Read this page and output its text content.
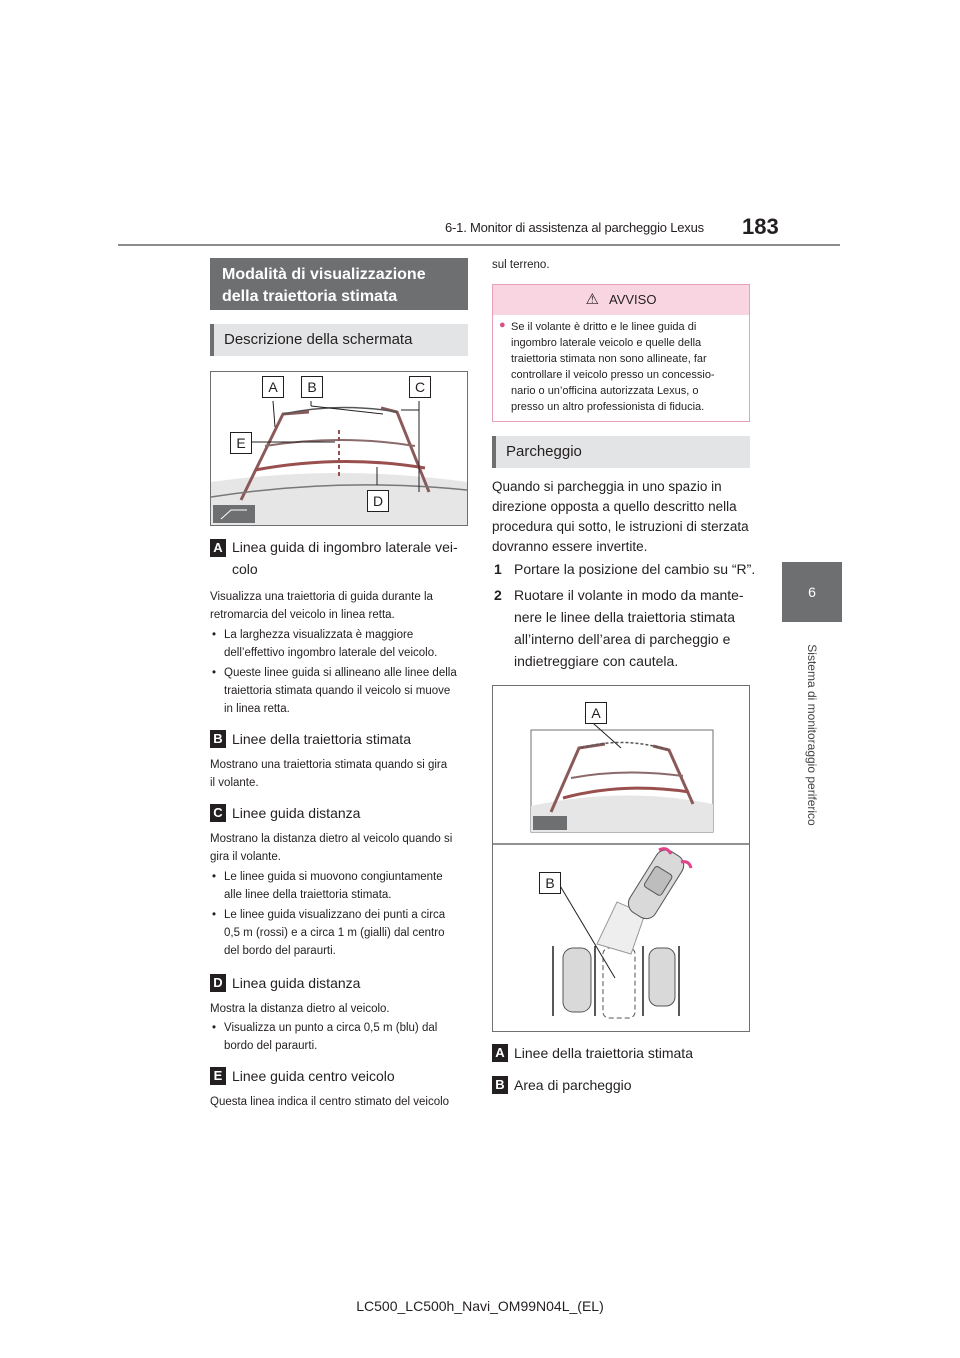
6-1. Monitor di assistenza al parcheggio Lexus 183
6
Sistema di monitoraggio periferico
Modalità di visualizzazione della traiettoria stimata
Descrizione della schermata
A	B	C
E
D
A Linea guida di ingombro laterale vei-
colo
Visualizza una traiettoria di guida durante la
retromarcia del veicolo in linea retta.
• La larghezza visualizzata è maggiore
dell’effettivo ingombro laterale del veicolo.
• Queste linee guida si allineano alle linee della
traiettoria stimata quando il veicolo si muove
in linea retta.
B Linee della traiettoria stimata
Mostrano una traiettoria stimata quando si gira
il volante.
C Linee guida distanza
Mostrano la distanza dietro al veicolo quando si
gira il volante.
• Le linee guida si muovono congiuntamente
alle linee della traiettoria stimata.
• Le linee guida visualizzano dei punti a circa
0,5 m (rossi) e a circa 1 m (gialli) dal centro
del bordo del paraurti.
D Linea guida distanza
Mostra la distanza dietro al veicolo.
• Visualizza un punto a circa 0,5 m (blu) dal
bordo del paraurti.
E Linee guida centro veicolo
Questa linea indica il centro stimato del veicolo
sul terreno.
⚠ AVVISO
● Se il volante è dritto e le linee guida di
ingombro laterale veicolo e quelle della
traiettoria stimata non sono allineate, far
controllare il veicolo presso un concessio-
nario o un’officina autorizzata Lexus, o
presso un altro professionista di fiducia.
Parcheggio
Quando si parcheggia in uno spazio in
direzione opposta a quello descritto nella
procedura qui sotto, le istruzioni di sterzata
dovranno essere invertite.
1 Portare la posizione del cambio su “R”.
2 Ruotare il volante in modo da mante-
nere le linee della traiettoria stimata
all’interno dell’area di parcheggio e
indietreggiare con cautela.
A
B
A Linee della traiettoria stimata
B Area di parcheggio
LC500_LC500h_Navi_OM99N04L_(EL)
